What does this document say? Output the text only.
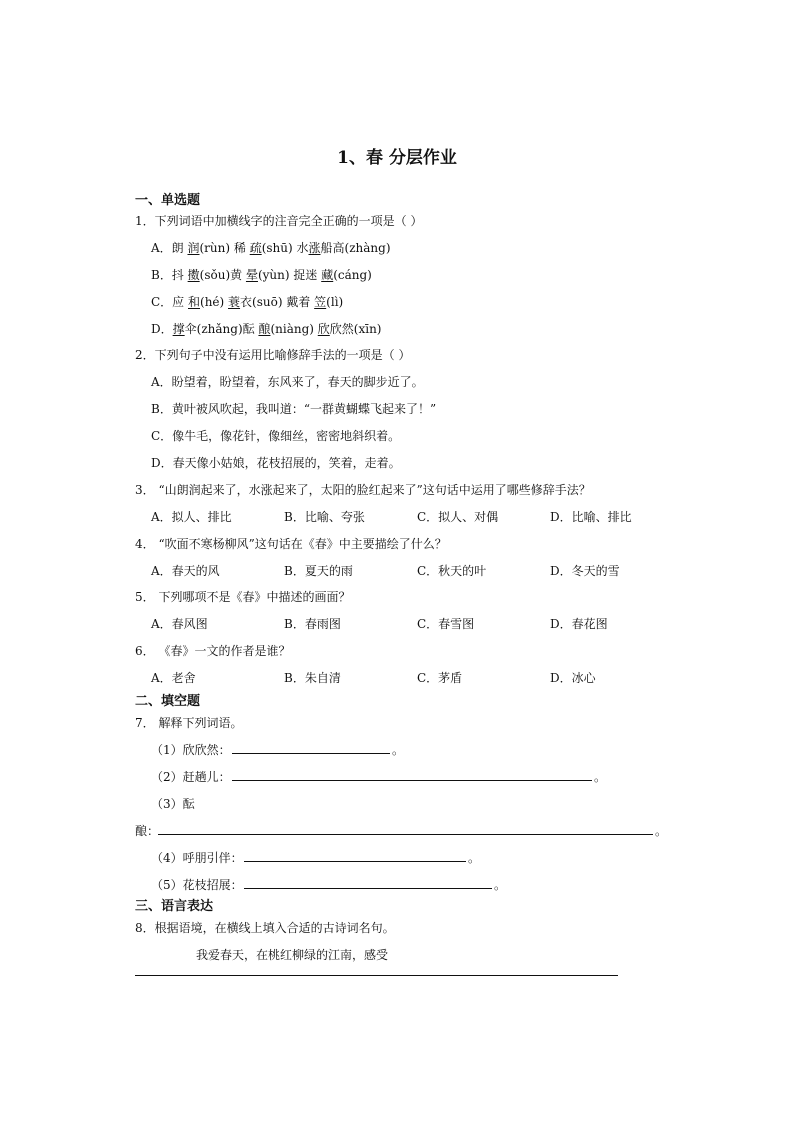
1、春 分层作业
一、单选题
1．下列词语中加横线字的注音完全正确的一项是（ ）
A．朗 润(rùn) 稀 疏(shū) 水涨船高(zhàng)
B．抖 擞(sǒu)黄 晕(yùn) 捉迷 藏(cáng)
C．应 和(hé) 蓑衣(suō) 戴着 笠(lì)
D．撑伞(zhǎng)酝 酿(niàng) 欣欣然(xīn)
2．下列句子中没有运用比喻修辞手法的一项是（ ）
A．盼望着，盼望着，东风来了，春天的脚步近了。
B．黄叶被风吹起，我叫道：“一群黄蝴蝶飞起来了！”
C．像牛毛，像花针，像细丝，密密地斜织着。
D．春天像小姑娘，花枝招展的，笑着，走着。
3． “山朗润起来了，水涨起来了，太阳的脸红起来了”这句话中运用了哪些修辞手法？
A．拟人、排比	B．比喻、夸张	C．拟人、对偶	D．比喻、排比
4． “吹面不寒杨柳风”这句话在《春》中主要描绘了什么？
A．春天的风	B．夏天的雨	C．秋天的叶	D．冬天的雪
5． 下列哪项不是《春》中描述的画面？
A．春风图	B．春雨图	C．春雪图	D．春花图
6． 《春》一文的作者是谁？
A．老舍	B．朱自清	C．茅盾	D．冰心
二、填空题
7． 解释下列词语。
（1）欣欣然：	。
（2）赶趟儿：	。
（3）酝
酿：	。
（4）呼朋引伴：	。
（5）花枝招展：	。
三、语言表达
8．根据语境，在横线上填入合适的古诗词名句。
我爱春天，在桃红柳绿的江南，感受
